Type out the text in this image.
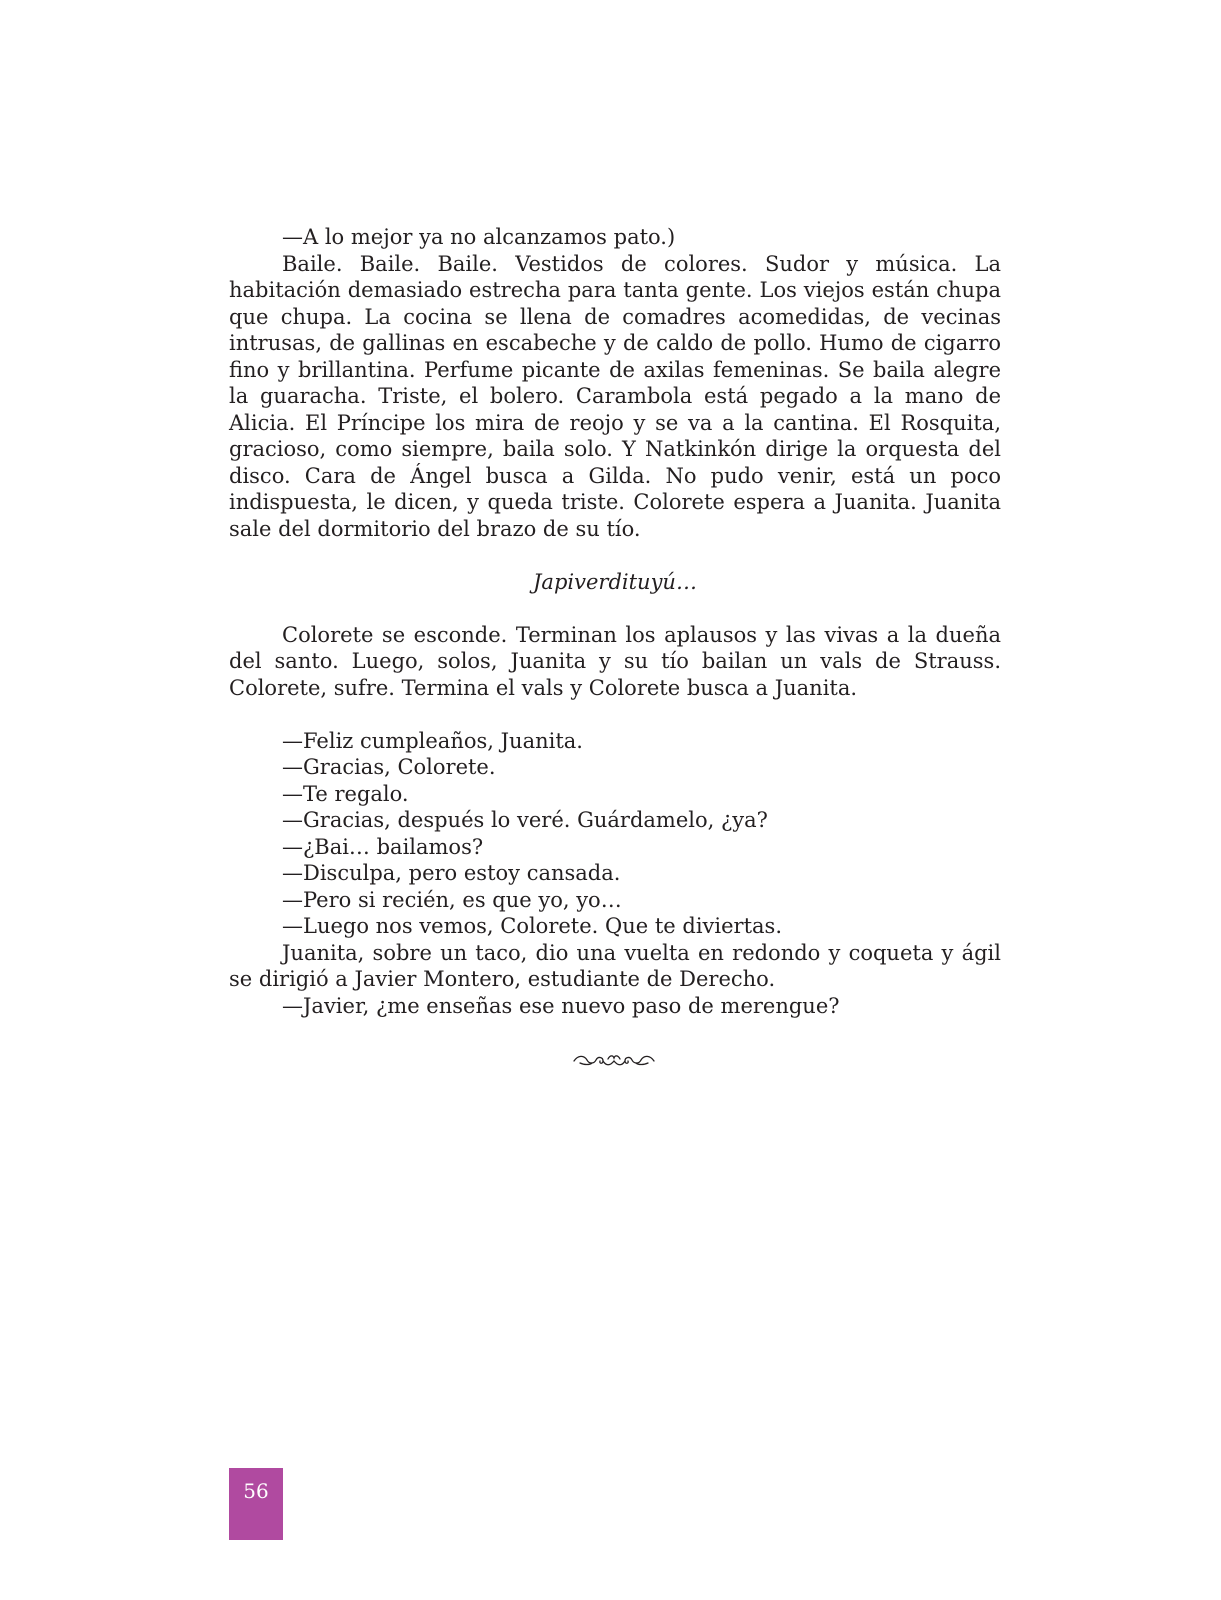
—A lo mejor ya no alcanzamos pato.)

Baile. Baile. Baile. Vestidos de colores. Sudor y música. La habitación demasiado estrecha para tanta gente. Los viejos están chupa que chupa. La cocina se llena de comadres acomedidas, de vecinas intrusas, de gallinas en escabeche y de caldo de pollo. Humo de cigarro fino y brillantina. Perfume picante de axilas femeninas. Se baila alegre la guaracha. Triste, el bolero. Carambola está pegado a la mano de Alicia. El Príncipe los mira de reojo y se va a la cantina. El Rosquita, gracioso, como siempre, baila solo. Y Natkinkón dirige la orquesta del disco. Cara de Ángel busca a Gilda. No pudo venir, está un poco indispuesta, le dicen, y queda triste. Colorete espera a Juanita. Juanita sale del dormitorio del brazo de su tío.

Japiverdituyú…

Colorete se esconde. Terminan los aplausos y las vivas a la dueña del santo. Luego, solos, Juanita y su tío bailan un vals de Strauss. Colorete, sufre. Termina el vals y Colorete busca a Juanita.

—Feliz cumpleaños, Juanita.

—Gracias, Colorete.

—Te regalo.

—Gracias, después lo veré. Guárdamelo, ¿ya?

—¿Bai… bailamos?

—Disculpa, pero estoy cansada.

—Pero si recién, es que yo, yo…

—Luego nos vemos, Colorete. Que te diviertas.

Juanita, sobre un taco, dio una vuelta en redondo y coqueta y ágil se dirigió a Javier Montero, estudiante de Derecho.

—Javier, ¿me enseñas ese nuevo paso de merengue?

56
